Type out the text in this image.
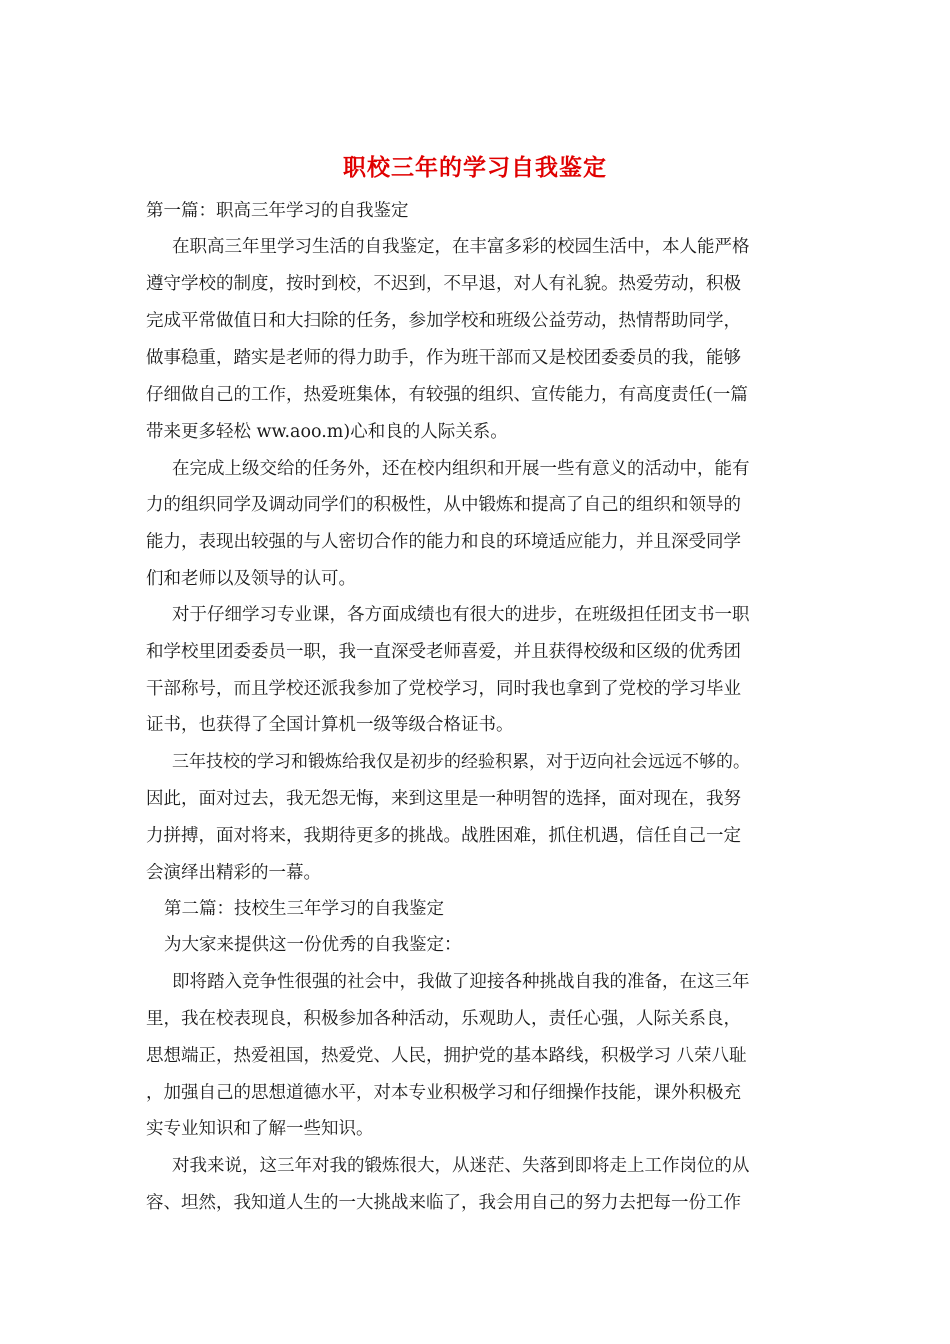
职校三年的学习自我鉴定
第一篇：职高三年学习的自我鉴定
在职高三年里学习生活的自我鉴定，在丰富多彩的校园生活中，本人能严格
遵守学校的制度，按时到校，不迟到，不早退，对人有礼貌。热爱劳动，积极
完成平常做值日和大扫除的任务，参加学校和班级公益劳动，热情帮助同学，
做事稳重，踏实是老师的得力助手，作为班干部而又是校团委委员的我，能够
仔细做自己的工作，热爱班集体，有较强的组织、宣传能力，有高度责任(一篇
带来更多轻松 ww.aoo.m)心和良的人际关系。
在完成上级交给的任务外，还在校内组织和开展一些有意义的活动中，能有
力的组织同学及调动同学们的积极性，从中锻炼和提高了自己的组织和领导的
能力，表现出较强的与人密切合作的能力和良的环境适应能力，并且深受同学
们和老师以及领导的认可。
对于仔细学习专业课，各方面成绩也有很大的进步，在班级担任团支书一职
和学校里团委委员一职，我一直深受老师喜爱，并且获得校级和区级的优秀团
干部称号，而且学校还派我参加了党校学习，同时我也拿到了党校的学习毕业
证书，也获得了全国计算机一级等级合格证书。
三年技校的学习和锻炼给我仅是初步的经验积累，对于迈向社会远远不够的。
因此，面对过去，我无怨无悔，来到这里是一种明智的选择，面对现在，我努
力拼搏，面对将来，我期待更多的挑战。战胜困难，抓住机遇，信任自己一定
会演绎出精彩的一幕。
第二篇：技校生三年学习的自我鉴定
为大家来提供这一份优秀的自我鉴定：
即将踏入竞争性很强的社会中，我做了迎接各种挑战自我的准备，在这三年
里，我在校表现良，积极参加各种活动，乐观助人，责任心强，人际关系良，
思想端正，热爱祖国，热爱党、人民，拥护党的基本路线，积极学习 八荣八耻
，加强自己的思想道德水平，对本专业积极学习和仔细操作技能，课外积极充
实专业知识和了解一些知识。
对我来说，这三年对我的锻炼很大，从迷茫、失落到即将走上工作岗位的从
容、坦然，我知道人生的一大挑战来临了，我会用自己的努力去把每一份工作
